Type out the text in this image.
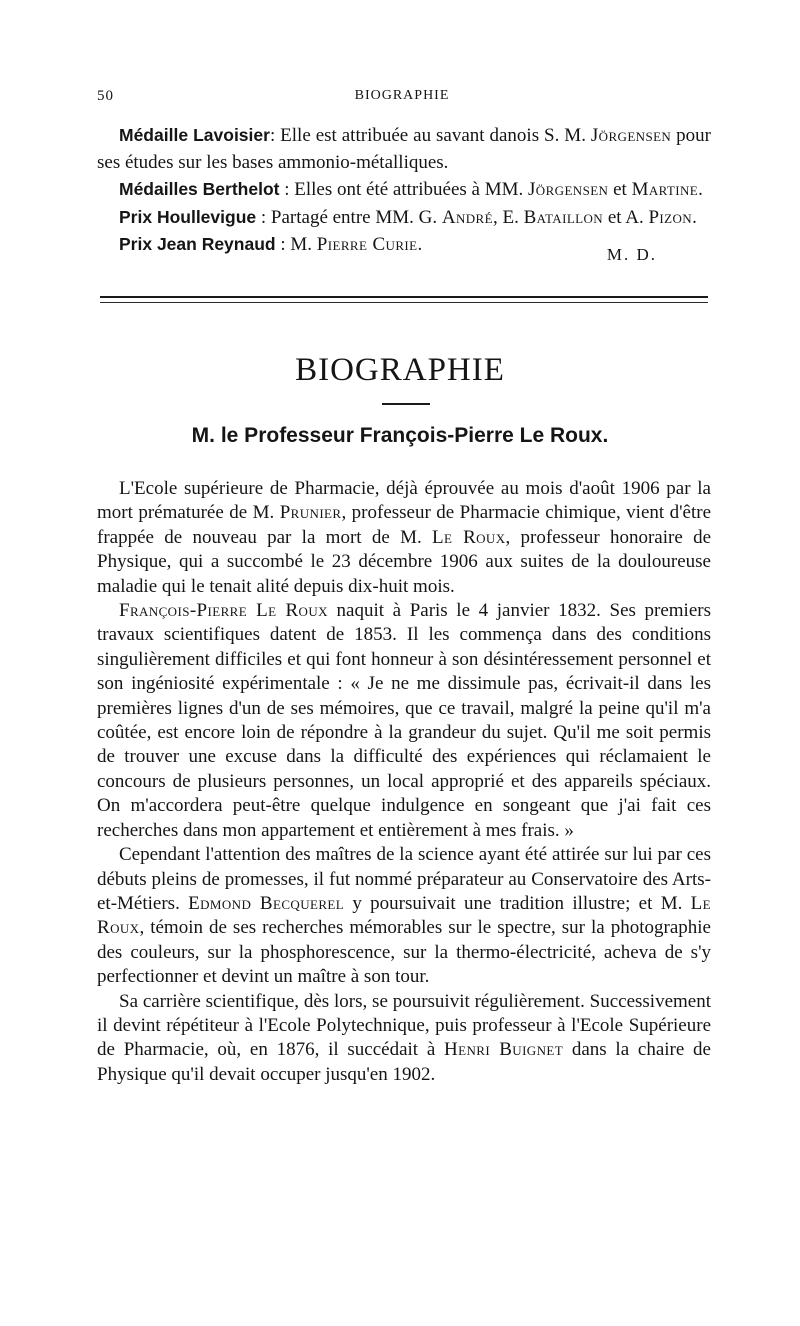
50	BIOGRAPHIE

Médaille Lavoisier: Elle est attribuée au savant danois S. M. Jörgensen pour ses études sur les bases ammonio-métalliques.

Médailles Berthelot : Elles ont été attribuées à MM. Jörgensen et Martine.

Prix Houllevigue : Partagé entre MM. G. André, E. Bataillon et A. Pizon.

Prix Jean Reynaud : M. Pierre Curie.	M. D.
BIOGRAPHIE
M. le Professeur François-Pierre Le Roux.

L'Ecole supérieure de Pharmacie, déjà éprouvée au mois d'août 1906 par la mort prématurée de M. Prunier, professeur de Pharmacie chimique, vient d'être frappée de nouveau par la mort de M. Le Roux, professeur honoraire de Physique, qui a succombé le 23 décembre 1906 aux suites de la douloureuse maladie qui le tenait alité depuis dix-huit mois.

François-Pierre Le Roux naquit à Paris le 4 janvier 1832. Ses premiers travaux scientifiques datent de 1853. Il les commença dans des conditions singulièrement difficiles et qui font honneur à son désintéressement personnel et son ingéniosité expérimentale : « Je ne me dissimule pas, écrivait-il dans les premières lignes d'un de ses mémoires, que ce travail, malgré la peine qu'il m'a coûtée, est encore loin de répondre à la grandeur du sujet. Qu'il me soit permis de trouver une excuse dans la difficulté des expériences qui réclamaient le concours de plusieurs personnes, un local approprié et des appareils spéciaux. On m'accordera peut-être quelque indulgence en songeant que j'ai fait ces recherches dans mon appartement et entièrement à mes frais. »

Cependant l'attention des maîtres de la science ayant été attirée sur lui par ces débuts pleins de promesses, il fut nommé préparateur au Conservatoire des Arts-et-Métiers. Edmond Becquerel y poursuivait une tradition illustre; et M. Le Roux, témoin de ses recherches mémorables sur le spectre, sur la photographie des couleurs, sur la phosphorescence, sur la thermo-électricité, acheva de s'y perfectionner et devint un maître à son tour.

Sa carrière scientifique, dès lors, se poursuivit régulièrement. Successivement il devint répétiteur à l'Ecole Polytechnique, puis professeur à l'Ecole Supérieure de Pharmacie, où, en 1876, il succédait à Henri Buignet dans la chaire de Physique qu'il devait occuper jusqu'en 1902.
